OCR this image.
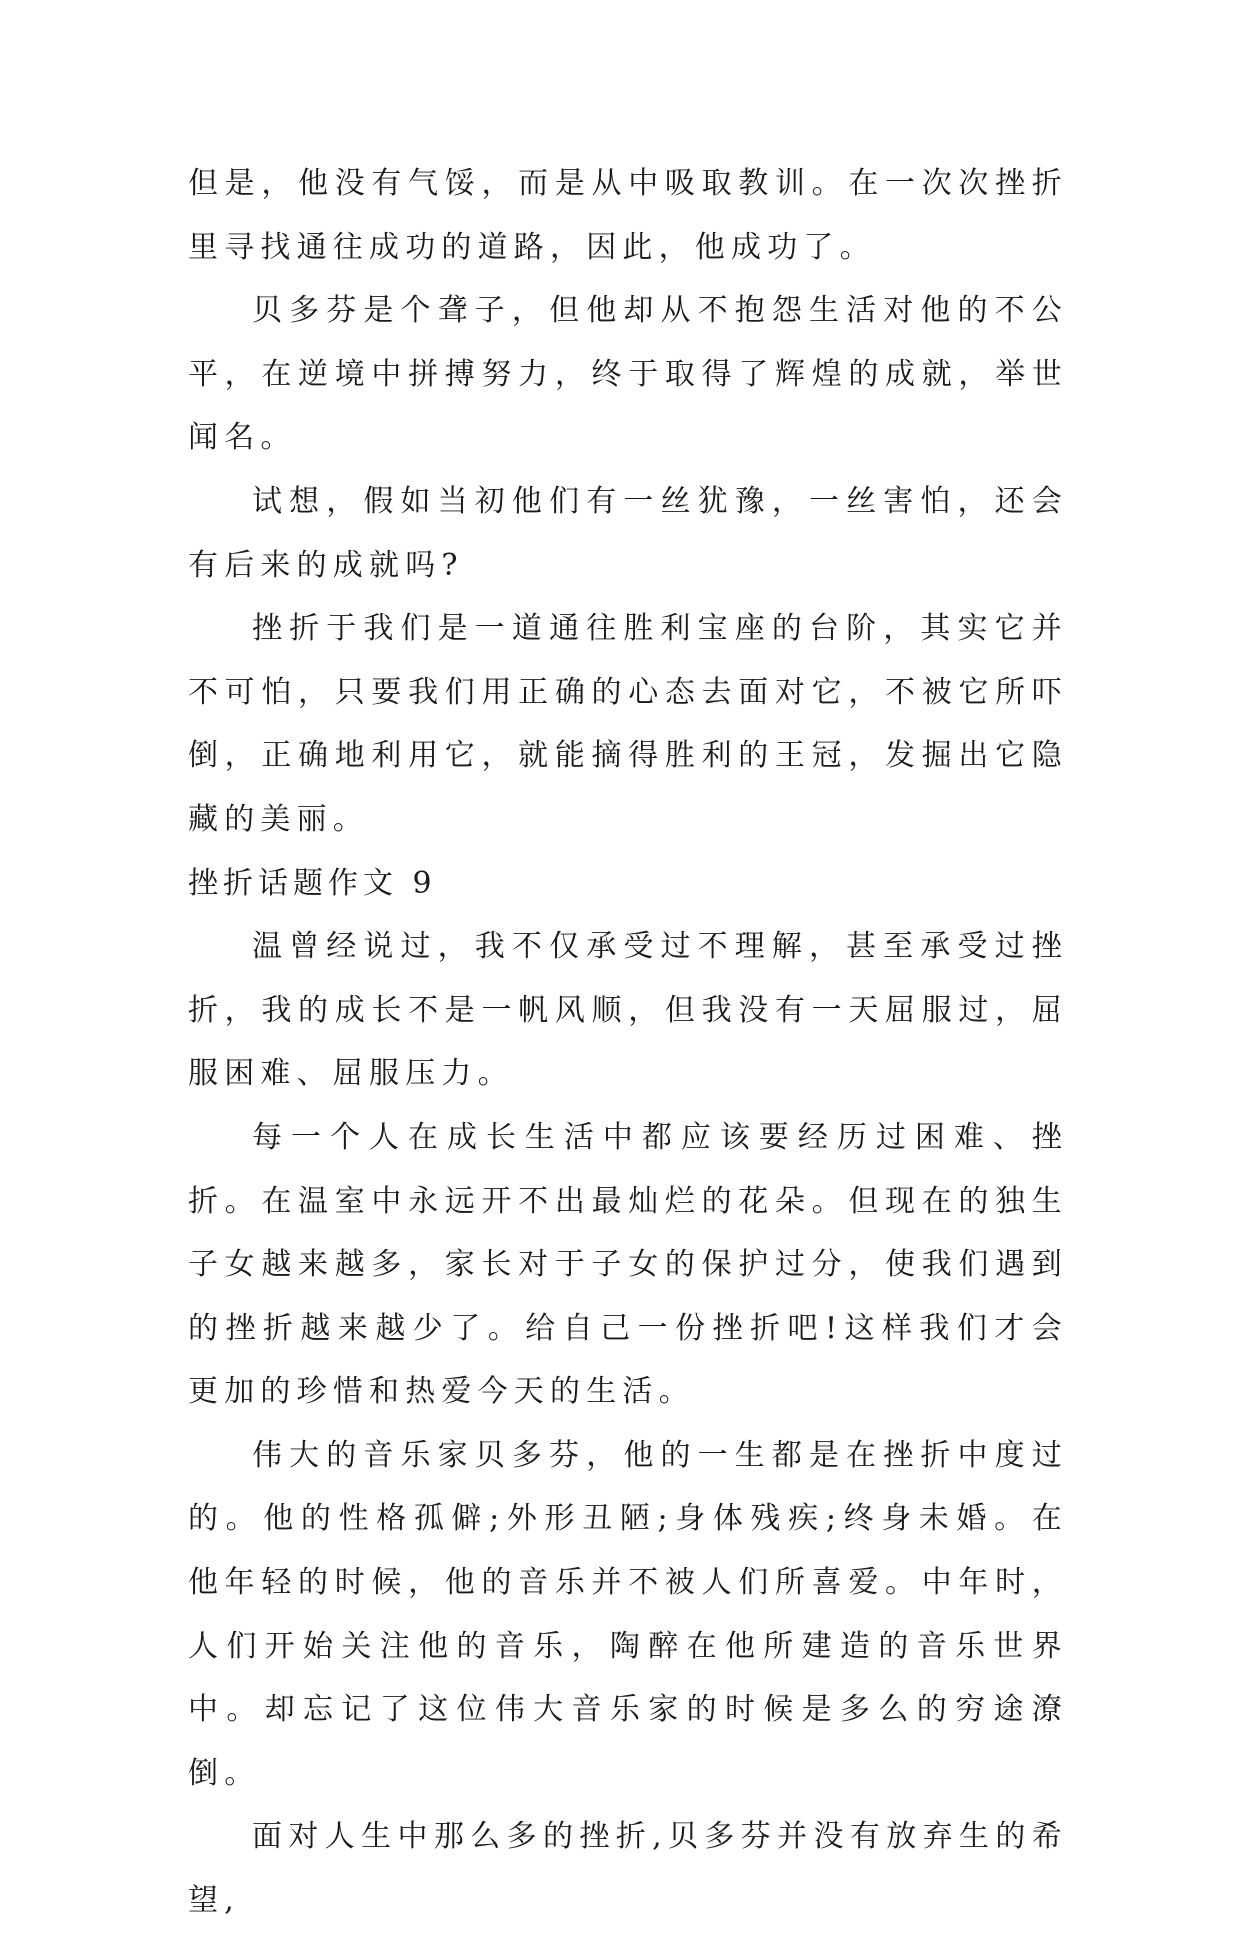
但是，他没有气馁，而是从中吸取教训。在一次次挫折里寻找通往成功的道路，因此，他成功了。

贝多芬是个聋子，但他却从不抱怨生活对他的不公平，在逆境中拼搏努力，终于取得了辉煌的成就，举世闻名。

试想，假如当初他们有一丝犹豫，一丝害怕，还会有后来的成就吗?

挫折于我们是一道通往胜利宝座的台阶，其实它并不可怕，只要我们用正确的心态去面对它，不被它所吓倒，正确地利用它，就能摘得胜利的王冠，发掘出它隐藏的美丽。

挫折话题作文 9

温曾经说过，我不仅承受过不理解，甚至承受过挫折，我的成长不是一帆风顺，但我没有一天屈服过，屈服困难、屈服压力。

每一个人在成长生活中都应该要经历过困难、挫折。在温室中永远开不出最灿烂的花朵。但现在的独生子女越来越多，家长对于子女的保护过分，使我们遇到的挫折越来越少了。给自己一份挫折吧!这样我们才会更加的珍惜和热爱今天的生活。

伟大的音乐家贝多芬，他的一生都是在挫折中度过的。他的性格孤僻;外形丑陋;身体残疾;终身未婚。在他年轻的时候，他的音乐并不被人们所喜爱。中年时，人们开始关注他的音乐，陶醉在他所建造的音乐世界中。却忘记了这位伟大音乐家的时候是多么的穷途潦倒。

面对人生中那么多的挫折,贝多芬并没有放弃生的希望,
